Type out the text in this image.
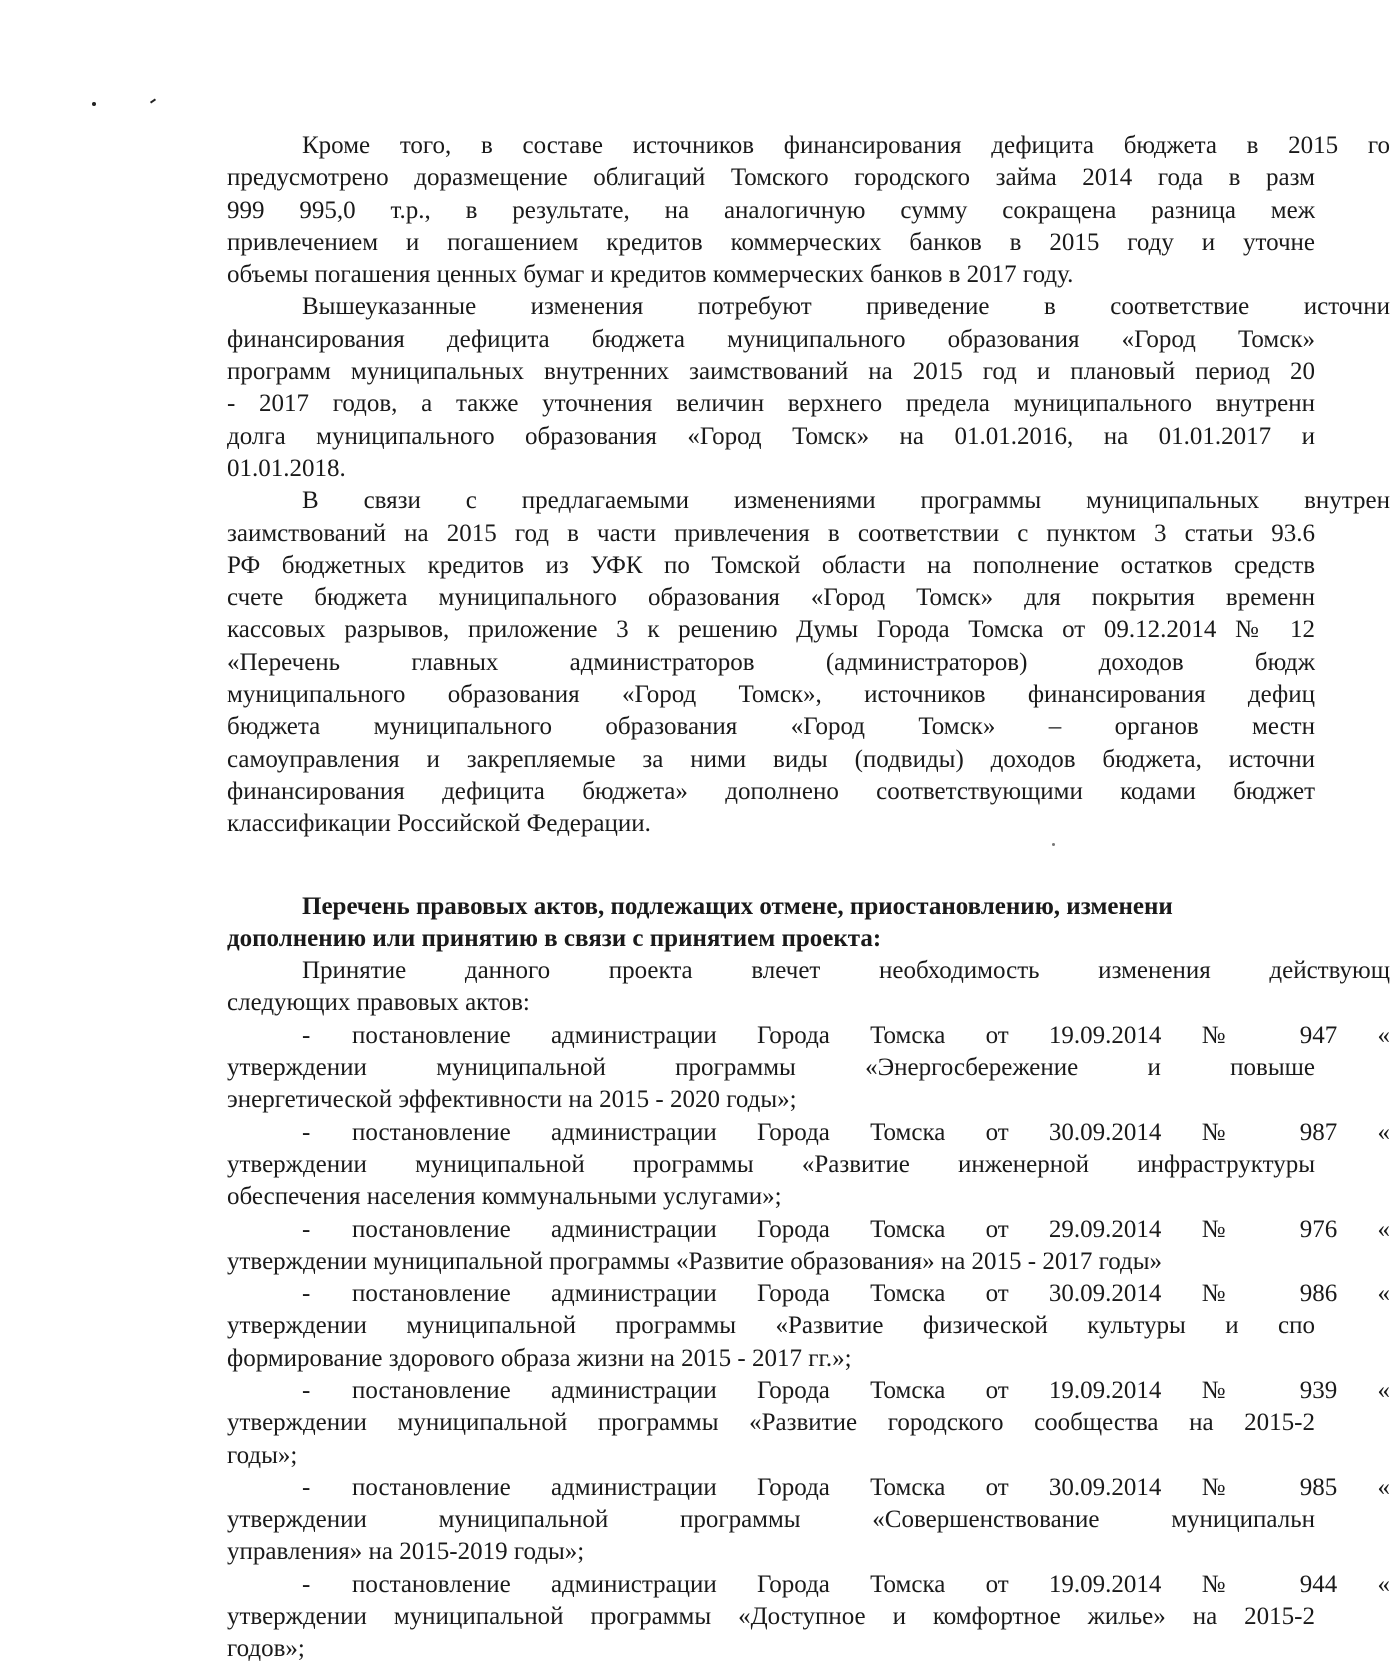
Кроме того, в составе источников финансирования дефицита бюджета в 2015 го
предусмотрено доразмещение облигаций Томского городского займа 2014 года в разм
999 995,0 т.р., в результате, на аналогичную сумму сокращена разница меж
привлечением и погашением кредитов коммерческих банков в 2015 году и уточне
объемы погашения ценных бумаг и кредитов коммерческих банков в 2017 году.
Вышеуказанные изменения потребуют приведение в соответствие источни
финансирования дефицита бюджета муниципального образования «Город Томск»
программ муниципальных внутренних заимствований на 2015 год и плановый период 20
- 2017 годов, а также уточнения величин верхнего предела муниципального внутренн
долга муниципального образования «Город Томск» на 01.01.2016, на 01.01.2017 и
01.01.2018.
В связи с предлагаемыми изменениями программы муниципальных внутрен
заимствований на 2015 год в части привлечения в соответствии с пунктом 3 статьи 93.6
РФ бюджетных кредитов из УФК по Томской области на пополнение остатков средств
счете бюджета муниципального образования «Город Томск» для покрытия временн
кассовых разрывов, приложение 3 к решению Думы Города Томска от 09.12.2014 № 12
«Перечень главных администраторов (администраторов) доходов бюдж
муниципального образования «Город Томск», источников финансирования дефиц
бюджета муниципального образования «Город Томск» – органов местн
самоуправления и закрепляемые за ними виды (подвиды) доходов бюджета, источни
финансирования дефицита бюджета» дополнено соответствующими кодами бюджет
классификации Российской Федерации.
Перечень правовых актов, подлежащих отмене, приостановлению, изменени
дополнению или принятию в связи с принятием проекта:
Принятие данного проекта влечет необходимость изменения действующ
следующих правовых актов:
- постановление администрации Города Томска от 19.09.2014 № 947 «
утверждении муниципальной программы «Энергосбережение и повыше
энергетической эффективности на 2015 - 2020 годы»;
- постановление администрации Города Томска от 30.09.2014 № 987 «
утверждении муниципальной программы «Развитие инженерной инфраструктуры
обеспечения населения коммунальными услугами»;
- постановление администрации Города Томска от 29.09.2014 № 976 «
утверждении муниципальной программы «Развитие образования» на 2015 - 2017 годы»
- постановление администрации Города Томска от 30.09.2014 № 986 «
утверждении муниципальной программы «Развитие физической культуры и спо
формирование здорового образа жизни на 2015 - 2017 гг.»;
- постановление администрации Города Томска от 19.09.2014 № 939 «
утверждении муниципальной программы «Развитие городского сообщества на 2015-2
годы»;
- постановление администрации Города Томска от 30.09.2014 № 985 «
утверждении муниципальной программы «Совершенствование муниципальн
управления» на 2015-2019 годы»;
- постановление администрации Города Томска от 19.09.2014 № 944 «
утверждении муниципальной программы «Доступное и комфортное жилье» на 2015-2
годов»;
